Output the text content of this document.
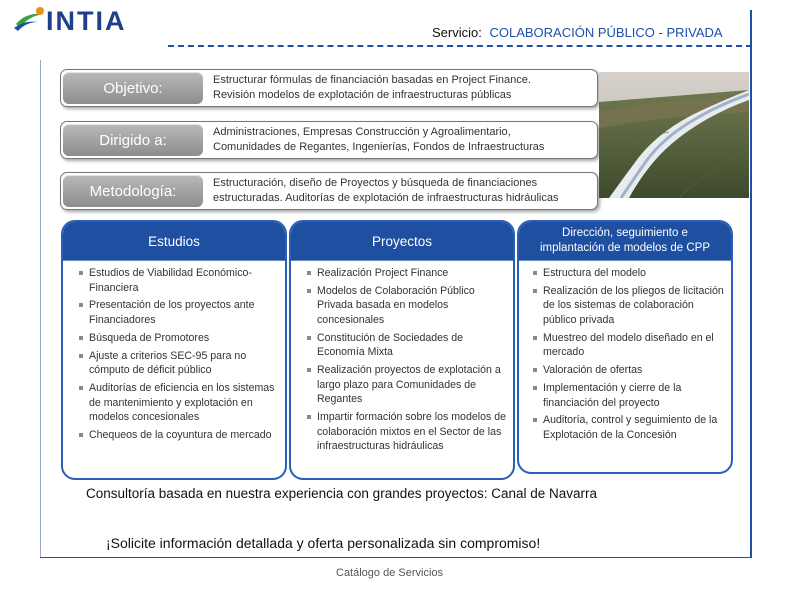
INTIA	Servicio: COLABORACIÓN PÚBLICO - PRIVADA
Objetivo:	Estructurar fórmulas de financiación basadas en Project Finance.
Revisión modelos de explotación de infraestructuras públicas
Dirigido a:	Administraciones, Empresas Construcción y Agroalimentario,
Comunidades de Regantes, Ingenierías, Fondos de Infraestructuras
Metodología:	Estructuración, diseño de Proyectos y búsqueda de financiaciones
estructuradas. Auditorías de explotación de infraestructuras hidráulicas
Estudios
Estudios de Viabilidad Económico-Financiera
Presentación de los proyectos ante Financiadores
Búsqueda de Promotores
Ajuste a criterios SEC-95 para no cómputo de déficit público
Auditorías de eficiencia en los sistemas de mantenimiento y explotación en modelos concesionales
Chequeos de la coyuntura de mercado
Proyectos
Realización Project Finance
Modelos de Colaboración Público Privada basada en modelos concesionales
Constitución de Sociedades de Economía Mixta
Realización proyectos de explotación a largo plazo para Comunidades de Regantes
Impartir formación sobre los modelos de colaboración mixtos en el Sector de las infraestructuras hidráulicas
Dirección, seguimiento e
implantación de modelos de CPP
Estructura del modelo
Realización de los pliegos de licitación de los sistemas de colaboración público privada
Muestreo del modelo diseñado en el mercado
Valoración de ofertas
Implementación y cierre de la financiación del proyecto
Auditoría, control y seguimiento de la Explotación de la Concesión
Consultoría basada en nuestra experiencia con grandes proyectos: Canal de Navarra
¡Solicite información detallada y oferta personalizada sin compromiso!
Catálogo de Servicios
